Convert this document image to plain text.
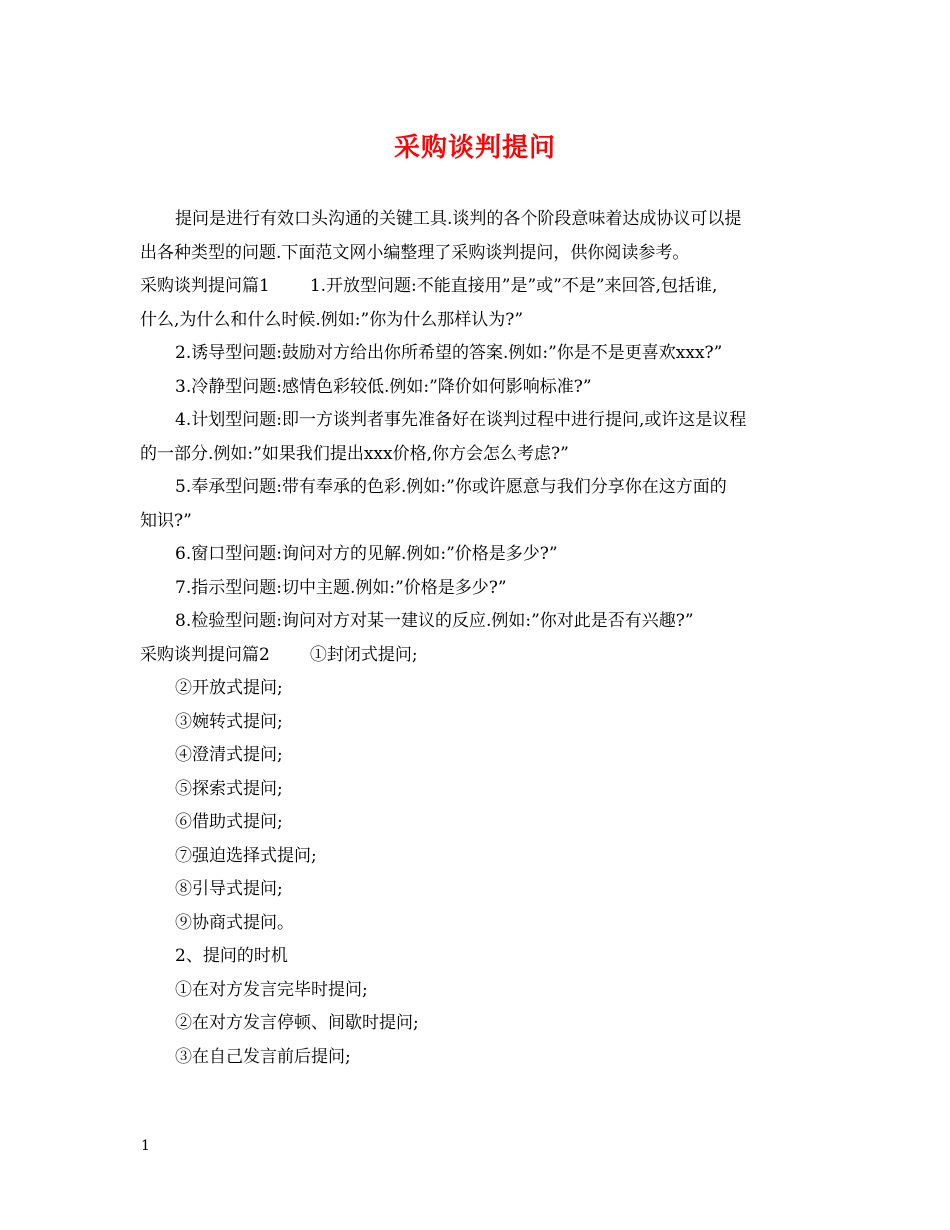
采购谈判提问
提问是进行有效口头沟通的关键工具.谈判的各个阶段意味着达成协议可以提
出各种类型的问题.下面范文网小编整理了采购谈判提问，供你阅读参考。
采购谈判提问篇1 1.开放型问题:不能直接用”是”或”不是”来回答,包括谁,
什么,为什么和什么时候.例如:”你为什么那样认为?”
2.诱导型问题:鼓励对方给出你所希望的答案.例如:”你是不是更喜欢xxx?”
3.冷静型问题:感情色彩较低.例如:”降价如何影响标准?”
4.计划型问题:即一方谈判者事先准备好在谈判过程中进行提问,或许这是议程
的一部分.例如:”如果我们提出xxx价格,你方会怎么考虑?”
5.奉承型问题:带有奉承的色彩.例如:”你或许愿意与我们分享你在这方面的
知识?”
6.窗口型问题:询问对方的见解.例如:”价格是多少?”
7.指示型问题:切中主题.例如:”价格是多少?”
8.检验型问题:询问对方对某一建议的反应.例如:”你对此是否有兴趣?”
采购谈判提问篇2 ①封闭式提问;
②开放式提问;
③婉转式提问;
④澄清式提问;
⑤探索式提问;
⑥借助式提问;
⑦强迫选择式提问;
⑧引导式提问;
⑨协商式提问。
2、提问的时机
①在对方发言完毕时提问;
②在对方发言停顿、间歇时提问;
③在自己发言前后提问;
1
